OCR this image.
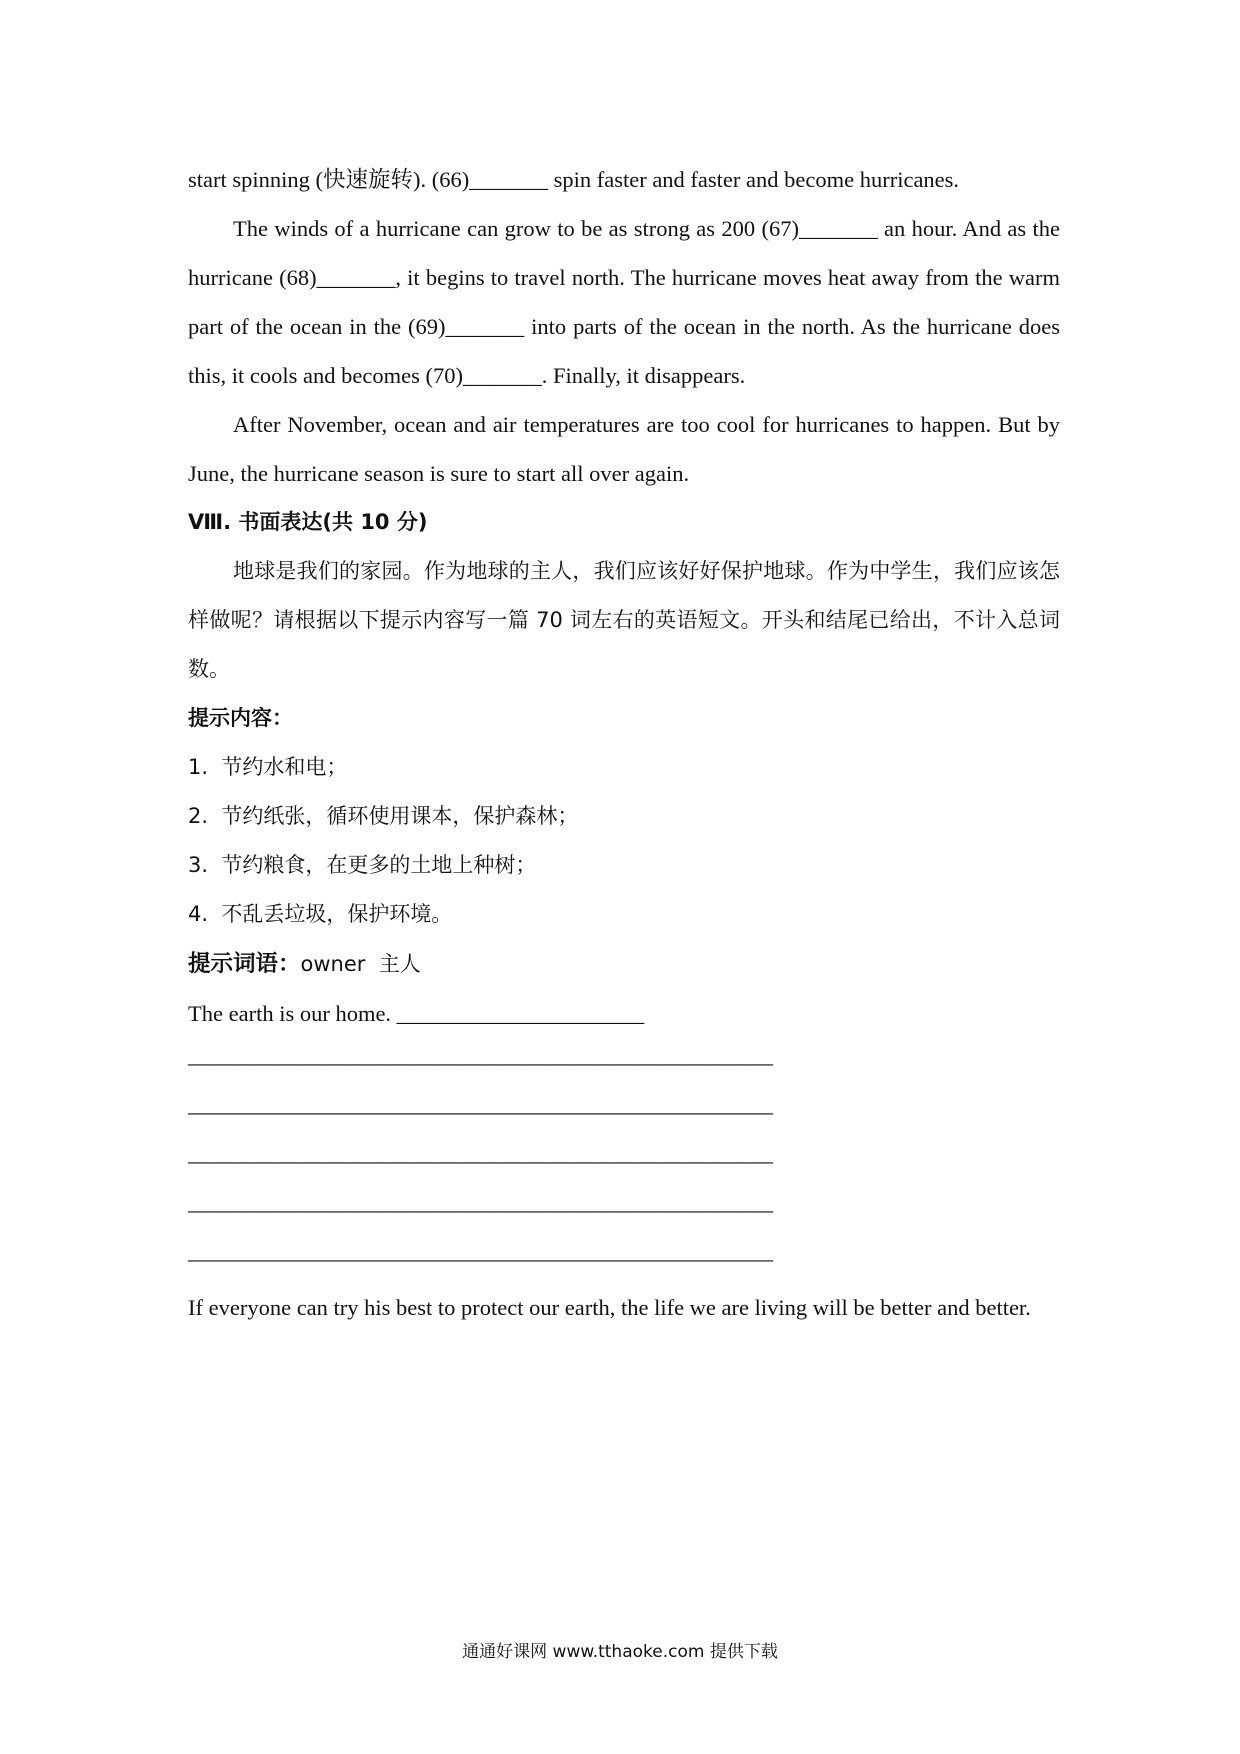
start spinning (快速旋转). (66)_______ spin faster and faster and become hurricanes.

The winds of a hurricane can grow to be as strong as 200 (67)_______ an hour. And as the hurricane (68)_______, it begins to travel north. The hurricane moves heat away from the warm part of the ocean in the (69)_______ into parts of the ocean in the north. As the hurricane does this, it cools and becomes (70)_______. Finally, it disappears.

After November, ocean and air temperatures are too cool for hurricanes to happen. But by June, the hurricane season is sure to start all over again.

Ⅷ. 书面表达(共 10 分)

地球是我们的家园。作为地球的主人，我们应该好好保护地球。作为中学生，我们应该怎样做呢？请根据以下提示内容写一篇 70 词左右的英语短文。开头和结尾已给出，不计入总词数。

提示内容：

1.  节约水和电；

2.  节约纸张，循环使用课本，保护森林；

3.  节约粮食，在更多的土地上种树；

4.  不乱丢垃圾，保护环境。

提示词语：owner  主人

The earth is our home. ______________________

——————————————————————————

——————————————————————————

——————————————————————————

——————————————————————————

——————————————————————————

If everyone can try his best to protect our earth, the life we are living will be better and better.

通通好课网 www.tthaoke.com 提供下载
